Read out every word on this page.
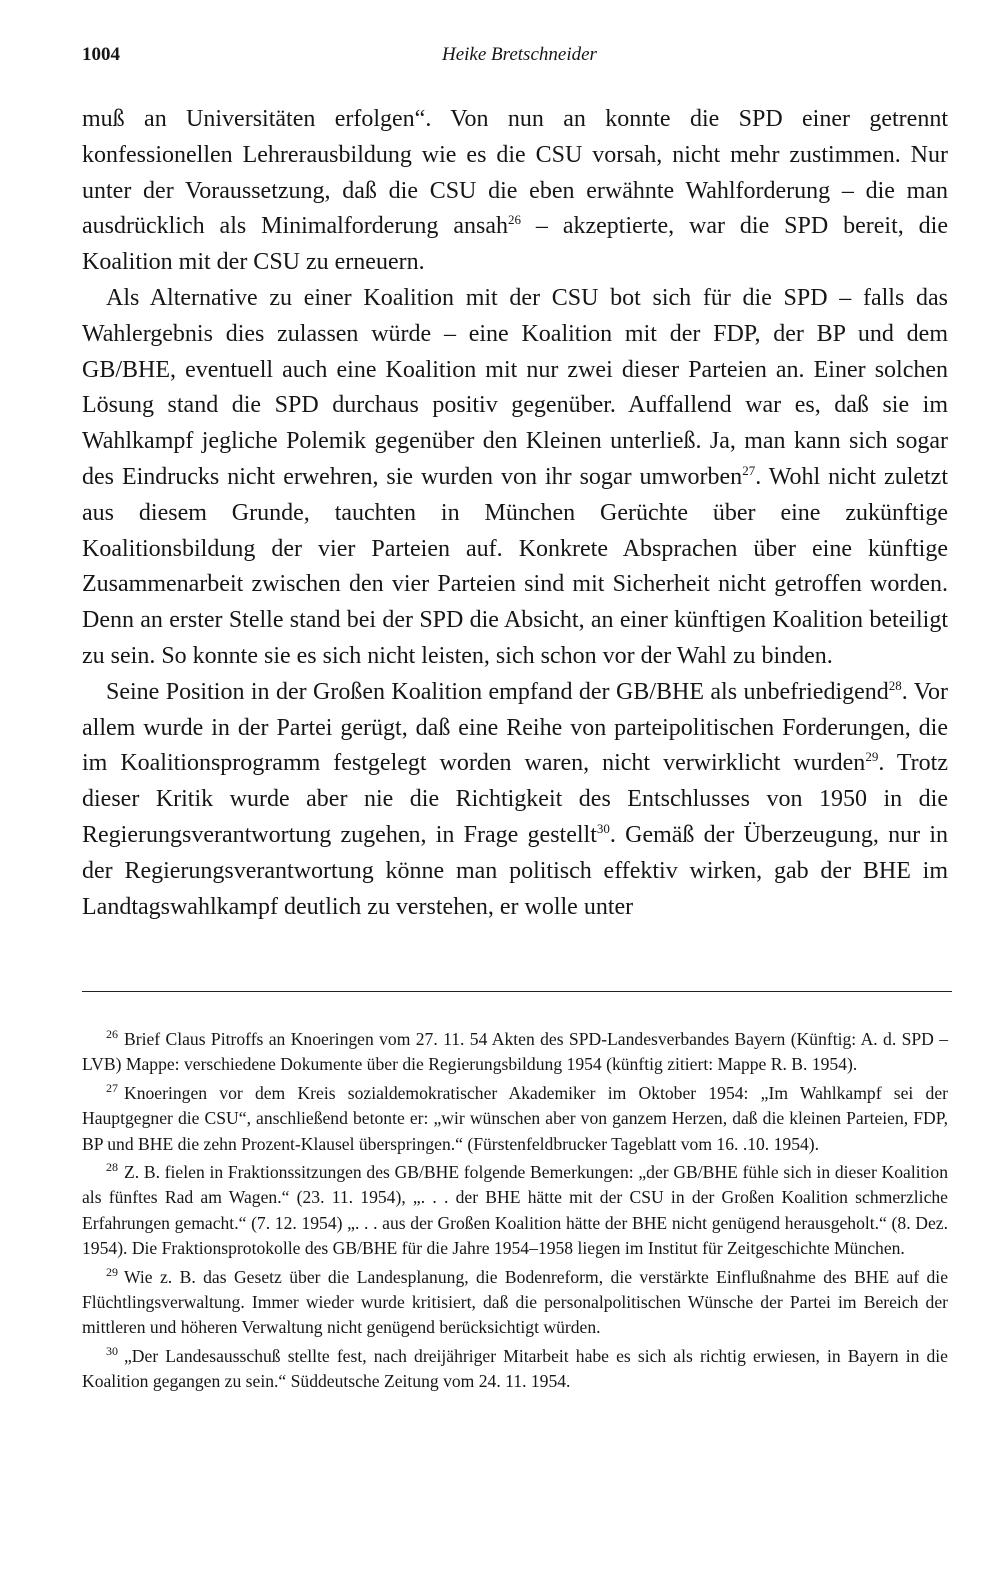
1004	Heike Bretschneider

muß an Universitäten erfolgen“. Von nun an konnte die SPD einer getrennt konfessionellen Lehrerausbildung wie es die CSU vorsah, nicht mehr zustimmen. Nur unter der Voraussetzung, daß die CSU die eben erwähnte Wahlforderung – die man ausdrücklich als Minimalforderung ansah$^{26}$ – akzeptierte, war die SPD bereit, die Koalition mit der CSU zu erneuern.

Als Alternative zu einer Koalition mit der CSU bot sich für die SPD – falls das Wahlergebnis dies zulassen würde – eine Koalition mit der FDP, der BP und dem GB/BHE, eventuell auch eine Koalition mit nur zwei dieser Parteien an. Einer solchen Lösung stand die SPD durchaus positiv gegenüber. Auffallend war es, daß sie im Wahlkampf jegliche Polemik gegenüber den Kleinen unterließ. Ja, man kann sich sogar des Eindrucks nicht erwehren, sie wurden von ihr sogar umworben$^{27}$. Wohl nicht zuletzt aus diesem Grunde, tauchten in München Gerüchte über eine zukünftige Koalitionsbildung der vier Parteien auf. Konkrete Absprachen über eine künftige Zusammenarbeit zwischen den vier Parteien sind mit Sicherheit nicht getroffen worden. Denn an erster Stelle stand bei der SPD die Absicht, an einer künftigen Koalition beteiligt zu sein. So konnte sie es sich nicht leisten, sich schon vor der Wahl zu binden.

Seine Position in der Großen Koalition empfand der GB/BHE als unbefriedigend$^{28}$. Vor allem wurde in der Partei gerügt, daß eine Reihe von parteipolitischen Forderungen, die im Koalitionsprogramm festgelegt worden waren, nicht verwirklicht wurden$^{29}$. Trotz dieser Kritik wurde aber nie die Richtigkeit des Entschlusses von 1950 in die Regierungsverantwortung zugehen, in Frage gestellt$^{30}$. Gemäß der Überzeugung, nur in der Regierungsverantwortung könne man politisch effektiv wirken, gab der BHE im Landtagswahlkampf deutlich zu verstehen, er wolle unter

$^{26}$ Brief Claus Pitroffs an Knoeringen vom 27. 11. 54 Akten des SPD-Landesverbandes Bayern (Künftig: A. d. SPD – LVB) Mappe: verschiedene Dokumente über die Regierungsbildung 1954 (künftig zitiert: Mappe R. B. 1954).

$^{27}$ Knoeringen vor dem Kreis sozialdemokratischer Akademiker im Oktober 1954: „Im Wahlkampf sei der Hauptgegner die CSU“, anschließend betonte er: „wir wünschen aber von ganzem Herzen, daß die kleinen Parteien, FDP, BP und BHE die zehn Prozent-Klausel überspringen.“ (Fürstenfeldbrucker Tageblatt vom 16. .10. 1954).

$^{28}$ Z. B. fielen in Fraktionssitzungen des GB/BHE folgende Bemerkungen: „der GB/BHE fühle sich in dieser Koalition als fünftes Rad am Wagen.“ (23. 11. 1954), „. . . der BHE hätte mit der CSU in der Großen Koalition schmerzliche Erfahrungen gemacht.“ (7. 12. 1954) „. . . aus der Großen Koalition hätte der BHE nicht genügend herausgeholt.“ (8. Dez. 1954). Die Fraktionsprotokolle des GB/BHE für die Jahre 1954–1958 liegen im Institut für Zeitgeschichte München.

$^{29}$ Wie z. B. das Gesetz über die Landesplanung, die Bodenreform, die verstärkte Einflußnahme des BHE auf die Flüchtlingsverwaltung. Immer wieder wurde kritisiert, daß die personalpolitischen Wünsche der Partei im Bereich der mittleren und höheren Verwaltung nicht genügend berücksichtigt würden.

$^{30}$ „Der Landesausschuß stellte fest, nach dreijähriger Mitarbeit habe es sich als richtig erwiesen, in Bayern in die Koalition gegangen zu sein.“ Süddeutsche Zeitung vom 24. 11. 1954.
